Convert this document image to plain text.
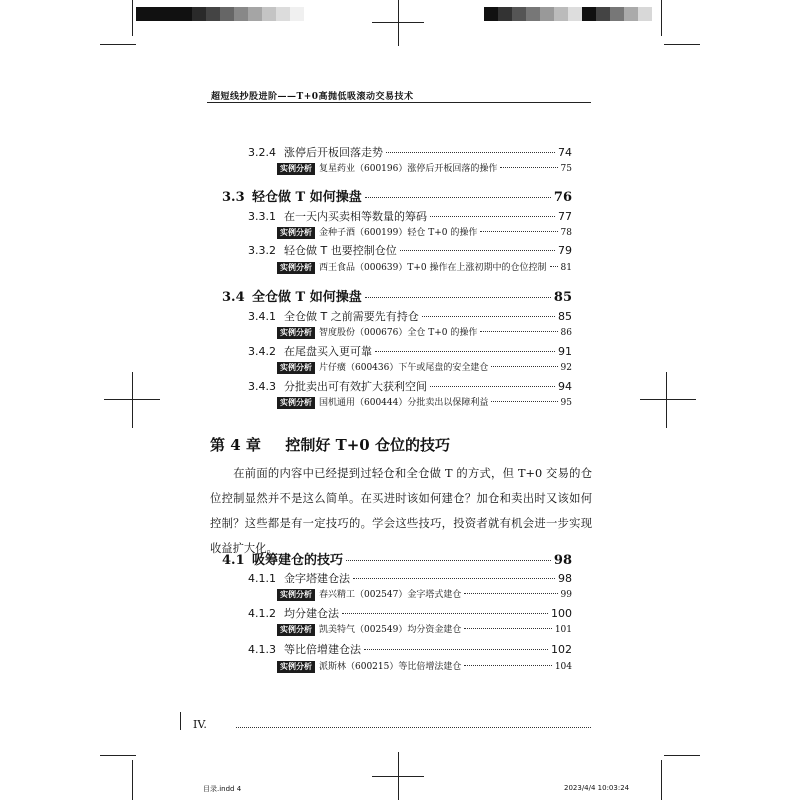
超短线抄股进阶——T+0高抛低吸滚动交易技术
3.2.4 涨停后开板回落走势	74
实例分析 复星药业（600196）涨停后开板回落的操作	75
3.3 轻仓做 T 如何操盘	76
3.3.1 在一天内买卖相等数量的筹码	77
实例分析 金种子酒（600199）轻仓 T+0 的操作	78
3.3.2 轻仓做 T 也要控制仓位	79
实例分析 西王食品（000639）T+0 操作在上涨初期中的仓位控制 81
3.4 全仓做 T 如何操盘	85
3.4.1 全仓做 T 之前需要先有持仓	85
实例分析 智度股份（000676）全仓 T+0 的操作	86
3.4.2 在尾盘买入更可靠	91
实例分析 片仔癀（600436）下午或尾盘的安全建仓	92
3.4.3 分批卖出可有效扩大获利空间	94
实例分析 国机通用（600444）分批卖出以保障利益	95
第 4 章 控制好 T+0 仓位的技巧
在前面的内容中已经提到过轻仓和全仓做 T 的方式，但 T+0 交易的仓位控制显然并不是这么简单。在买进时该如何建仓？加仓和卖出时又该如何控制？这些都是有一定技巧的。学会这些技巧，投资者就有机会进一步实现收益扩大化。
4.1 吸筹建仓的技巧	98
4.1.1 金字塔建仓法	98
实例分析 春兴精工（002547）金字塔式建仓	99
4.1.2 均分建仓法	100
实例分析 凯美特气（002549）均分资金建仓	101
4.1.3 等比倍增建仓法	102
实例分析 派斯林（600215）等比倍增法建仓	104
IV.
目录.indd 4	2023/4/4 10:03:24
